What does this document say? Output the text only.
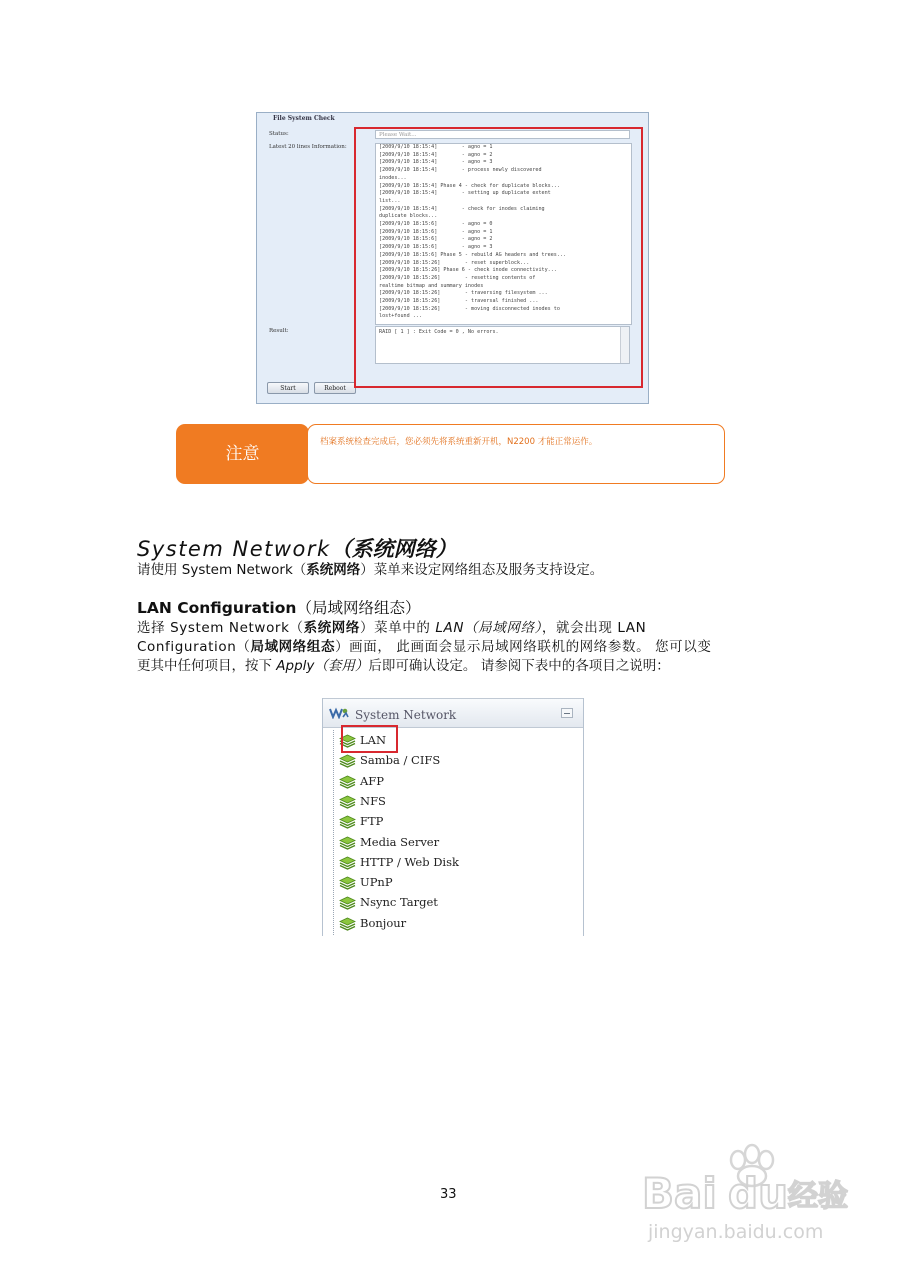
File System Check
Status:	Please Wait...
Latest 20 lines Information:	[2009/9/10 18:15:4]        - agno = 1
[2009/9/10 18:15:4]        - agno = 2
[2009/9/10 18:15:4]        - agno = 3
[2009/9/10 18:15:4]        - process newly discovered
inodes...
[2009/9/10 18:15:4] Phase 4 - check for duplicate blocks...
[2009/9/10 18:15:4]        - setting up duplicate extent
list...
[2009/9/10 18:15:4]        - check for inodes claiming
duplicate blocks...
[2009/9/10 18:15:6]        - agno = 0
[2009/9/10 18:15:6]        - agno = 1
[2009/9/10 18:15:6]        - agno = 2
[2009/9/10 18:15:6]        - agno = 3
[2009/9/10 18:15:6] Phase 5 - rebuild AG headers and trees...
[2009/9/10 18:15:26]        - reset superblock...
[2009/9/10 18:15:26] Phase 6 - check inode connectivity...
[2009/9/10 18:15:26]        - resetting contents of
realtime bitmap and summary inodes
[2009/9/10 18:15:26]        - traversing filesystem ...
[2009/9/10 18:15:26]        - traversal finished ...
[2009/9/10 18:15:26]        - moving disconnected inodes to
lost+found ...
Result:	RAID [ 1 ] : Exit Code = 0 , No errors.
Start	Reboot
注意
档案系统检查完成后，您必须先将系统重新开机，N2200 才能正常运作。
System Network（系统网络）
请使用 System Network（系统网络）菜单来设定网络组态及服务支持设定。
LAN Configuration（局域网络组态）
选择 System Network（系统网络）菜单中的 LAN（局域网络），就会出现 LAN
Configuration（局域网络组态）画面， 此画面会显示局域网络联机的网络参数。 您可以变
更其中任何项目，按下 Apply（套用）后即可确认设定。 请参阅下表中的各项目之说明：
System Network
LAN
Samba / CIFS
AFP
NFS
FTP
Media Server
HTTP / Web Disk
UPnP
Nsync Target
Bonjour
33	Bai du 经验
jingyan.baidu.com
